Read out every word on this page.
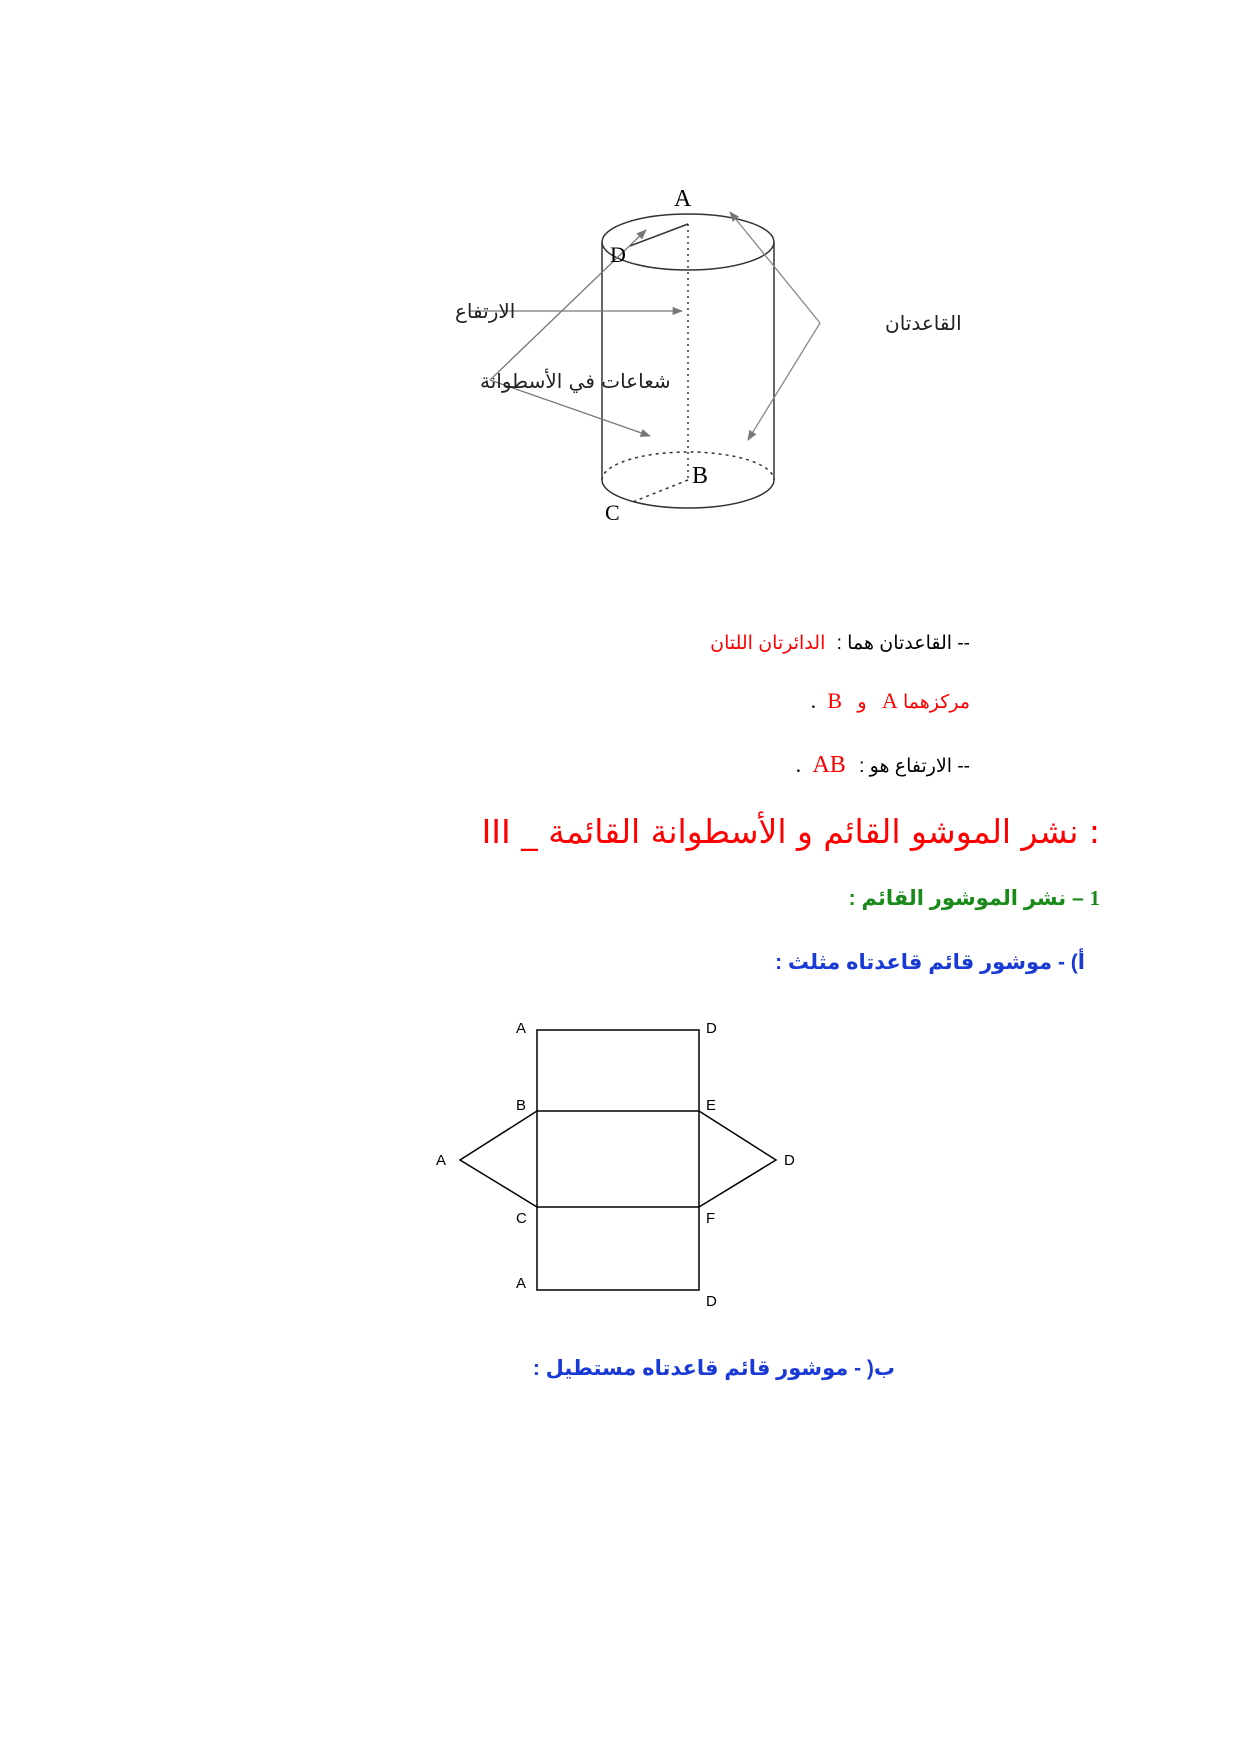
A
D
B
C
الارتفاع
شعاعات في الأسطوانة
القاعدتان
-- القاعدتان هما : الدائرتان اللتان
مركزهما A و B .
-- الارتفاع هو : AB .
III _ نشر الموشو القائم و الأسطوانة القائمة :
1 – نشر الموشور القائم :
أ) - موشور قائم قاعدتاه مثلث :
A	D
B	E
A	D
C	F
A
D
ب( - موشور قائم قاعدتاه مستطيل :
